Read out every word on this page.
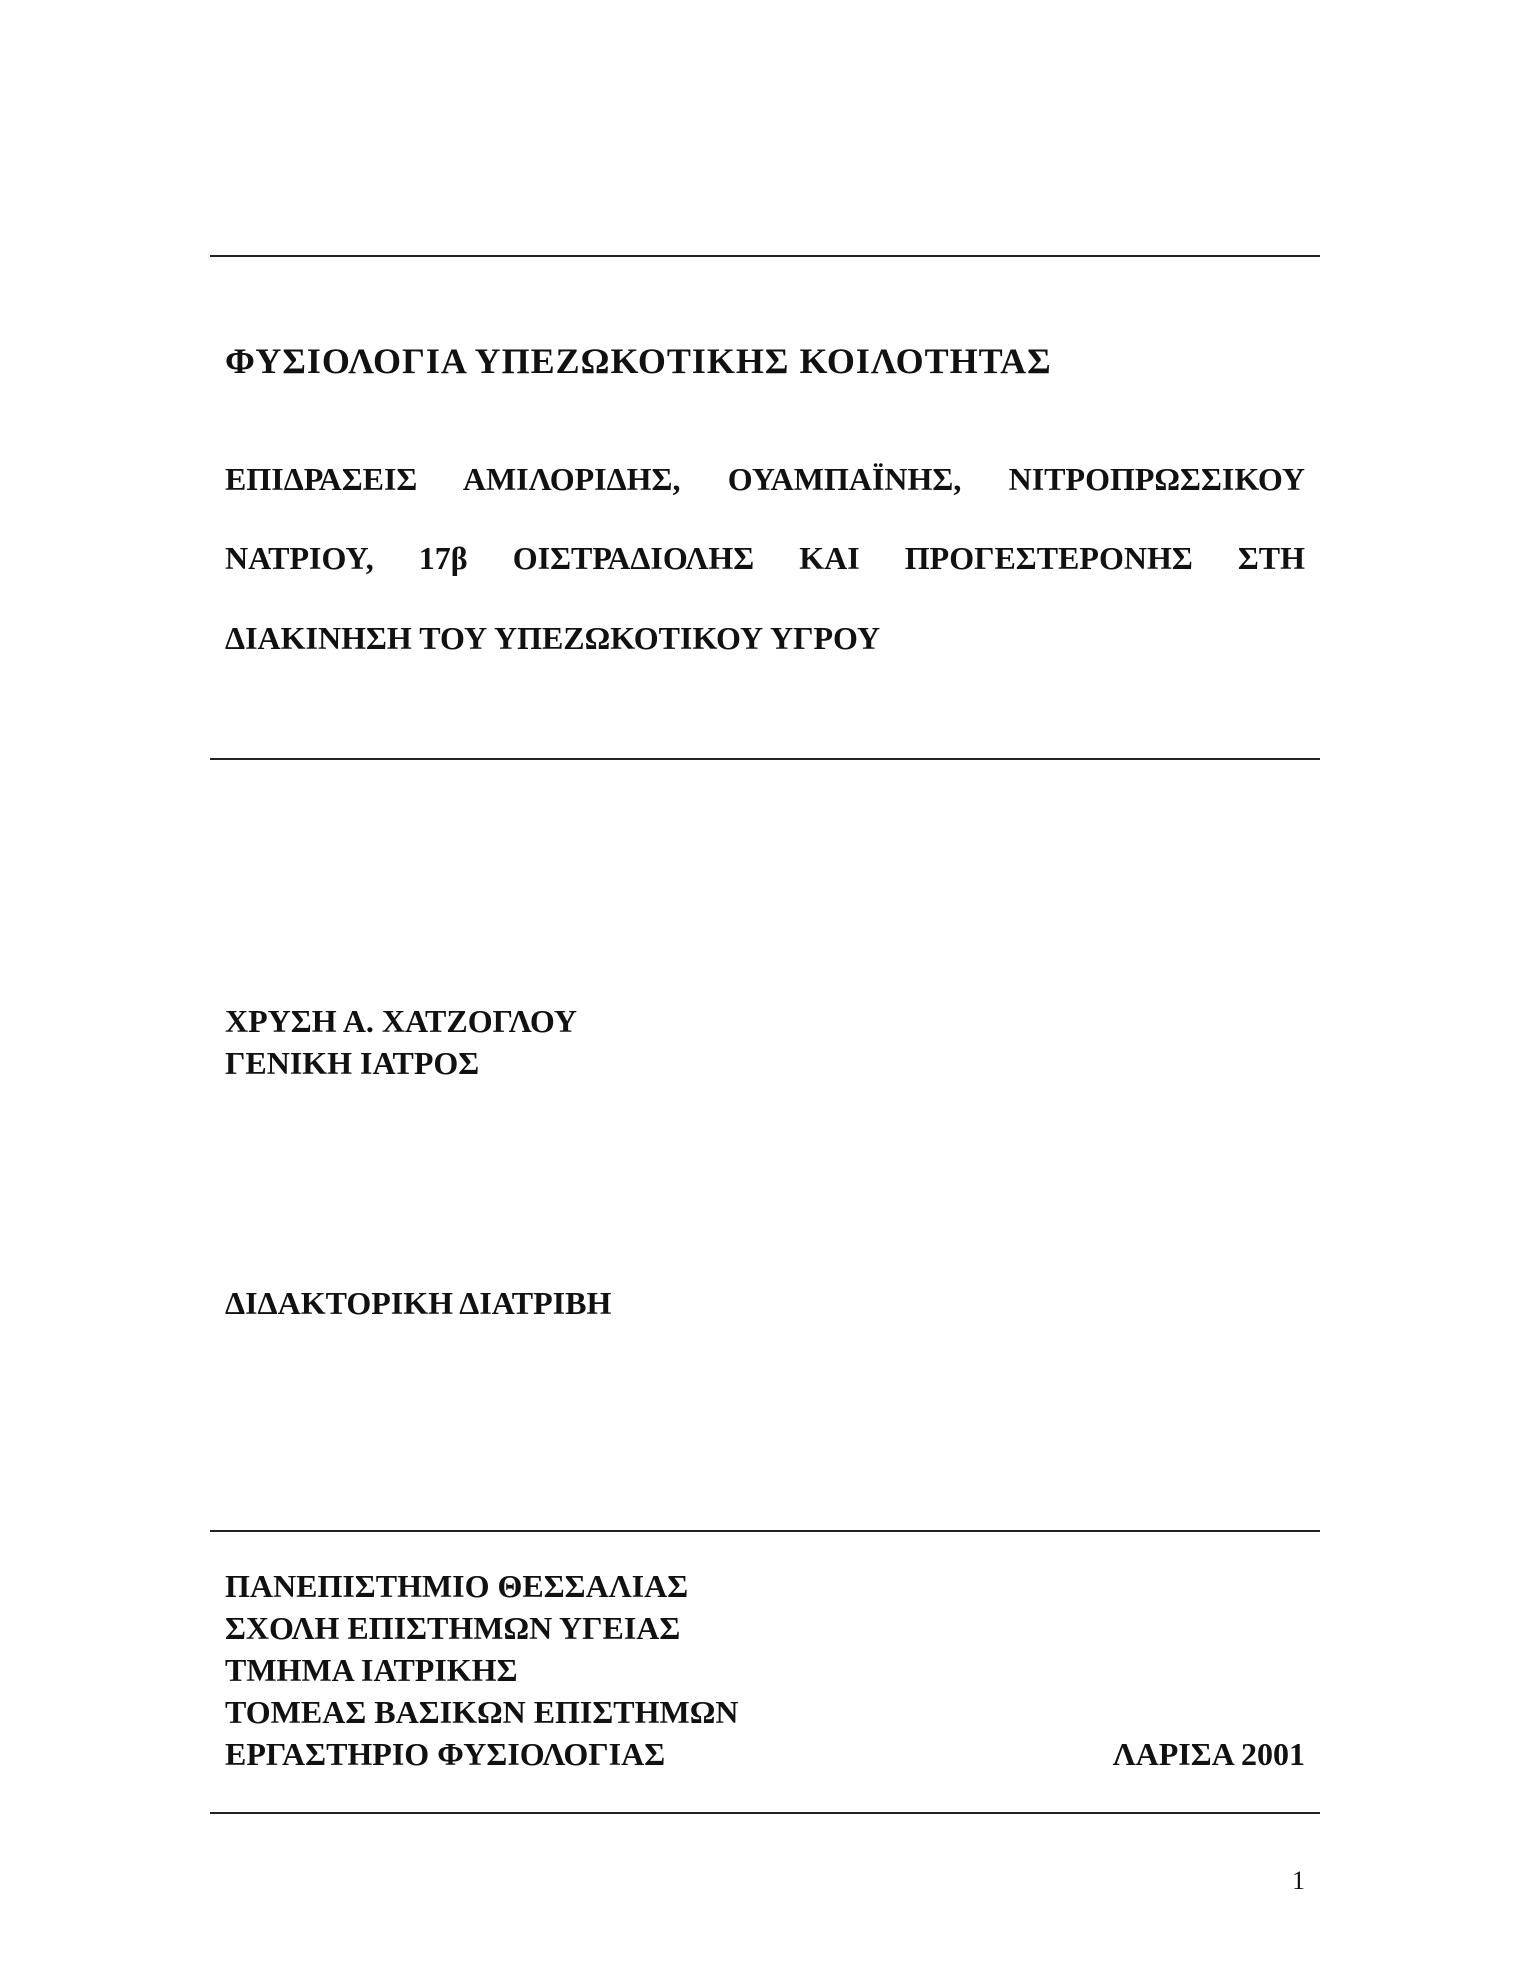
ΦΥΣΙΟΛΟΓΙΑ ΥΠΕΖΩΚΟΤΙΚΗΣ ΚΟΙΛΟΤΗΤΑΣ
ΕΠΙΔΡΑΣΕΙΣ ΑΜΙΛΟΡΙΔΗΣ, ΟΥΑΜΠΑΪΝΗΣ, ΝΙΤΡΟΠΡΩΣΣΙΚΟΥ
ΝΑΤΡΙΟΥ, 17β ΟΙΣΤΡΑΔΙΟΛΗΣ ΚΑΙ ΠΡΟΓΕΣΤΕΡΟΝΗΣ ΣΤΗ
ΔΙΑΚΙΝΗΣΗ ΤΟΥ ΥΠΕΖΩΚΟΤΙΚΟΥ ΥΓΡΟΥ
ΧΡΥΣΗ Α. ΧΑΤΖΟΓΛΟΥ
ΓΕΝΙΚΗ ΙΑΤΡΟΣ
ΔΙΔΑΚΤΟΡΙΚΗ ΔΙΑΤΡΙΒΗ
ΠΑΝΕΠΙΣΤΗΜΙΟ ΘΕΣΣΑΛΙΑΣ
ΣΧΟΛΗ ΕΠΙΣΤΗΜΩΝ ΥΓΕΙΑΣ
ΤΜΗΜΑ ΙΑΤΡΙΚΗΣ
ΤΟΜΕΑΣ ΒΑΣΙΚΩΝ ΕΠΙΣΤΗΜΩΝ
ΕΡΓΑΣΤΗΡΙΟ ΦΥΣΙΟΛΟΓΙΑΣ	ΛΑΡΙΣΑ 2001
1
